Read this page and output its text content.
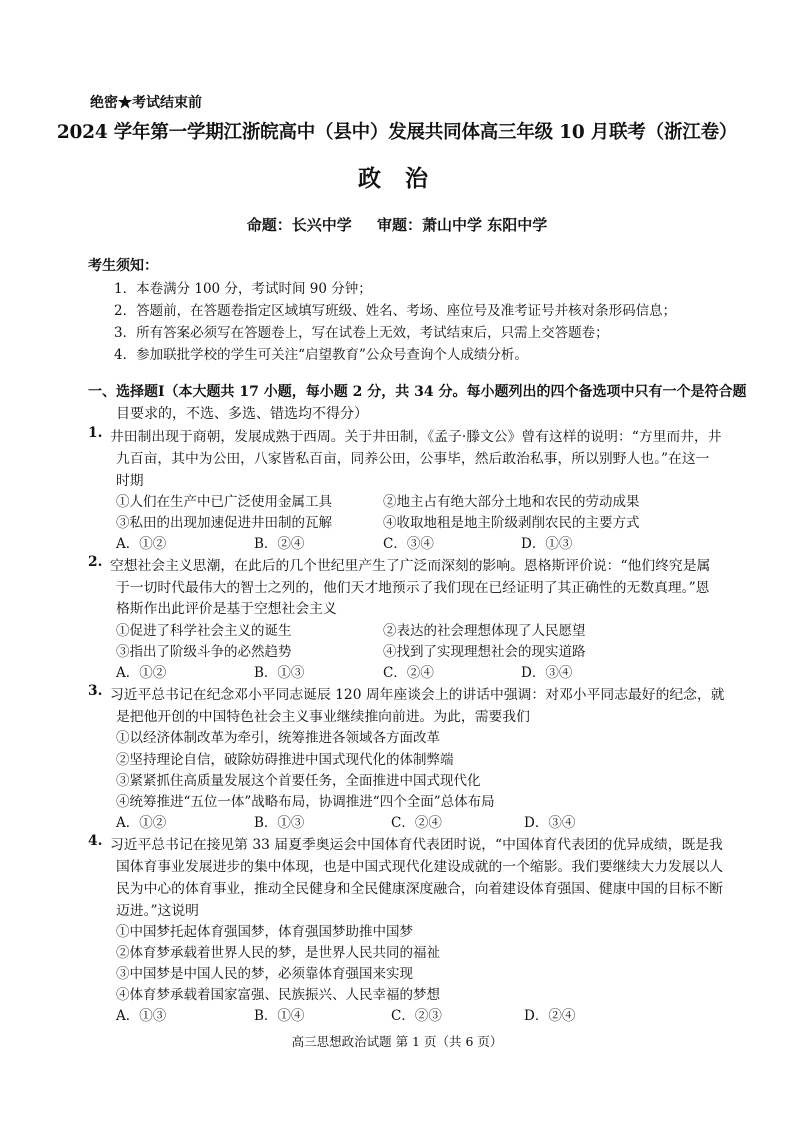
绝密★考试结束前
2024 学年第一学期江浙皖高中（县中）发展共同体高三年级 10 月联考（浙江卷）
政 治
命题：长兴中学 审题：萧山中学 东阳中学
考生须知：
1．本卷满分 100 分，考试时间 90 分钟；
2．答题前，在答题卷指定区域填写班级、姓名、考场、座位号及准考证号并核对条形码信息；
3．所有答案必须写在答题卷上，写在试卷上无效，考试结束后，只需上交答题卷；
4．参加联批学校的学生可关注“启望教育”公众号查询个人成绩分析。
一、选择题Ⅰ（本大题共 17 小题，每小题 2 分，共 34 分。每小题列出的四个备选项中只有一个是符合题
目要求的，不选、多选、错选均不得分）
1. 井田制出现于商朝，发展成熟于西周。关于井田制，《孟子·滕文公》曾有这样的说明：“方里而井，井
九百亩，其中为公田，八家皆私百亩，同养公田，公事毕，然后敢治私事，所以别野人也。”在这一
时期
①人们在生产中已广泛使用金属工具	②地主占有绝大部分土地和农民的劳动成果
③私田的出现加速促进井田制的瓦解	④收取地租是地主阶级剥削农民的主要方式
A．①②	B．②④	C．③④	D．①③
2. 空想社会主义思潮，在此后的几个世纪里产生了广泛而深刻的影响。恩格斯评价说：“他们终究是属
于一切时代最伟大的智士之列的，他们天才地预示了我们现在已经证明了其正确性的无数真理。”恩
格斯作出此评价是基于空想社会主义
①促进了科学社会主义的诞生	②表达的社会理想体现了人民愿望
③指出了阶级斗争的必然趋势	④找到了实现理想社会的现实道路
A．①②	B．①③	C．②④	D．③④
3. 习近平总书记在纪念邓小平同志诞辰 120 周年座谈会上的讲话中强调：对邓小平同志最好的纪念，就
是把他开创的中国特色社会主义事业继续推向前进。为此，需要我们
①以经济体制改革为牵引，统筹推进各领域各方面改革
②坚持理论自信，破除妨碍推进中国式现代化的体制弊端
③紧紧抓住高质量发展这个首要任务，全面推进中国式现代化
④统筹推进“五位一体”战略布局，协调推进“四个全面”总体布局
A．①②	B．①③	C．②④	D．③④
4. 习近平总书记在接见第 33 届夏季奥运会中国体育代表团时说，“中国体育代表团的优异成绩，既是我
国体育事业发展进步的集中体现，也是中国式现代化建设成就的一个缩影。我们要继续大力发展以人
民为中心的体育事业，推动全民健身和全民健康深度融合，向着建设体育强国、健康中国的目标不断
迈进。”这说明
①中国梦托起体育强国梦，体育强国梦助推中国梦
②体育梦承载着世界人民的梦，是世界人民共同的福祉
③中国梦是中国人民的梦，必须靠体育强国来实现
④体育梦承载着国家富强、民族振兴、人民幸福的梦想
A．①③	B．①④	C．②③	D．②④
高三思想政治试题 第 1 页（共 6 页）
